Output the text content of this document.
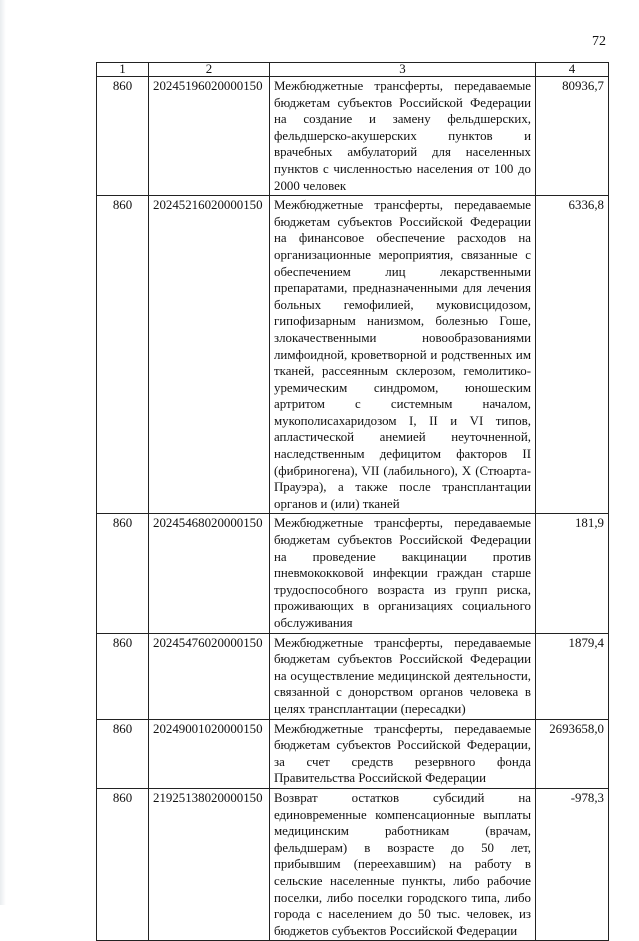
72
1	2	3	4
860	20245196020000150	Межбюджетные трансферты, передаваемые бюджетам субъектов Российской Федерации на создание и замену фельдшерских, фельдшерско-акушерских пунктов и врачебных амбулаторий для населенных пунктов с численностью населения от 100 до 2000 человек	80936,7
860	20245216020000150	Межбюджетные трансферты, передаваемые бюджетам субъектов Российской Федерации на финансовое обеспечение расходов на организационные мероприятия, связанные с обеспечением лиц лекарственными препаратами, предназначенными для лечения больных гемофилией, муковисцидозом, гипофизарным нанизмом, болезнью Гоше, злокачественными новообразованиями лимфоидной, кроветворной и родственных им тканей, рассеянным склерозом, гемолитико-уремическим синдромом, юношеским артритом с системным началом, мукополисахаридозом I, II и VI типов, апластической анемией неуточненной, наследственным дефицитом факторов II (фибриногена), VII (лабильного), X (Стюарта-Прауэра), а также после трансплантации органов и (или) тканей	6336,8
860	20245468020000150	Межбюджетные трансферты, передаваемые бюджетам субъектов Российской Федерации на проведение вакцинации против пневмококковой инфекции граждан старше трудоспособного возраста из групп риска, проживающих в организациях социального обслуживания	181,9
860	20245476020000150	Межбюджетные трансферты, передаваемые бюджетам субъектов Российской Федерации на осуществление медицинской деятельности, связанной с донорством органов человека в целях трансплантации (пересадки)	1879,4
860	20249001020000150	Межбюджетные трансферты, передаваемые бюджетам субъектов Российской Федерации, за счет средств резервного фонда Правительства Российской Федерации	2693658,0
860	21925138020000150	Возврат остатков субсидий на единовременные компенсационные выплаты медицинским работникам (врачам, фельдшерам) в возрасте до 50 лет, прибывшим (переехавшим) на работу в сельские населенные пункты, либо рабочие поселки, либо поселки городского типа, либо города с населением до 50 тыс. человек, из бюджетов субъектов Российской Федерации	-978,3
